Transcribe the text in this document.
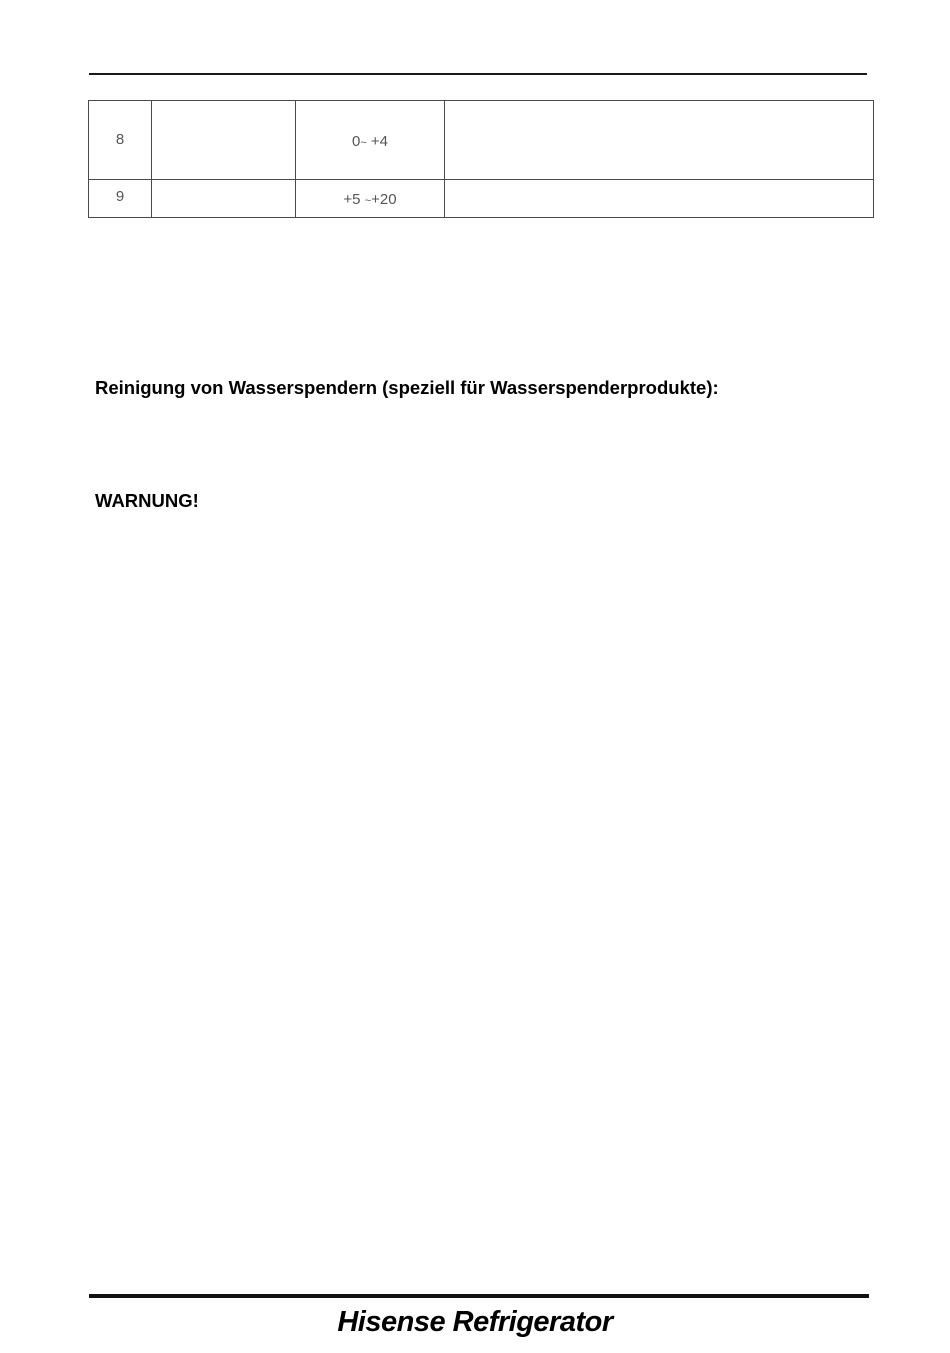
8		0~ +4	
9		+5 ~+20	
Reinigung von Wasserspendern (speziell für Wasserspenderprodukte):
WARNUNG!
Hisense Refrigerator
